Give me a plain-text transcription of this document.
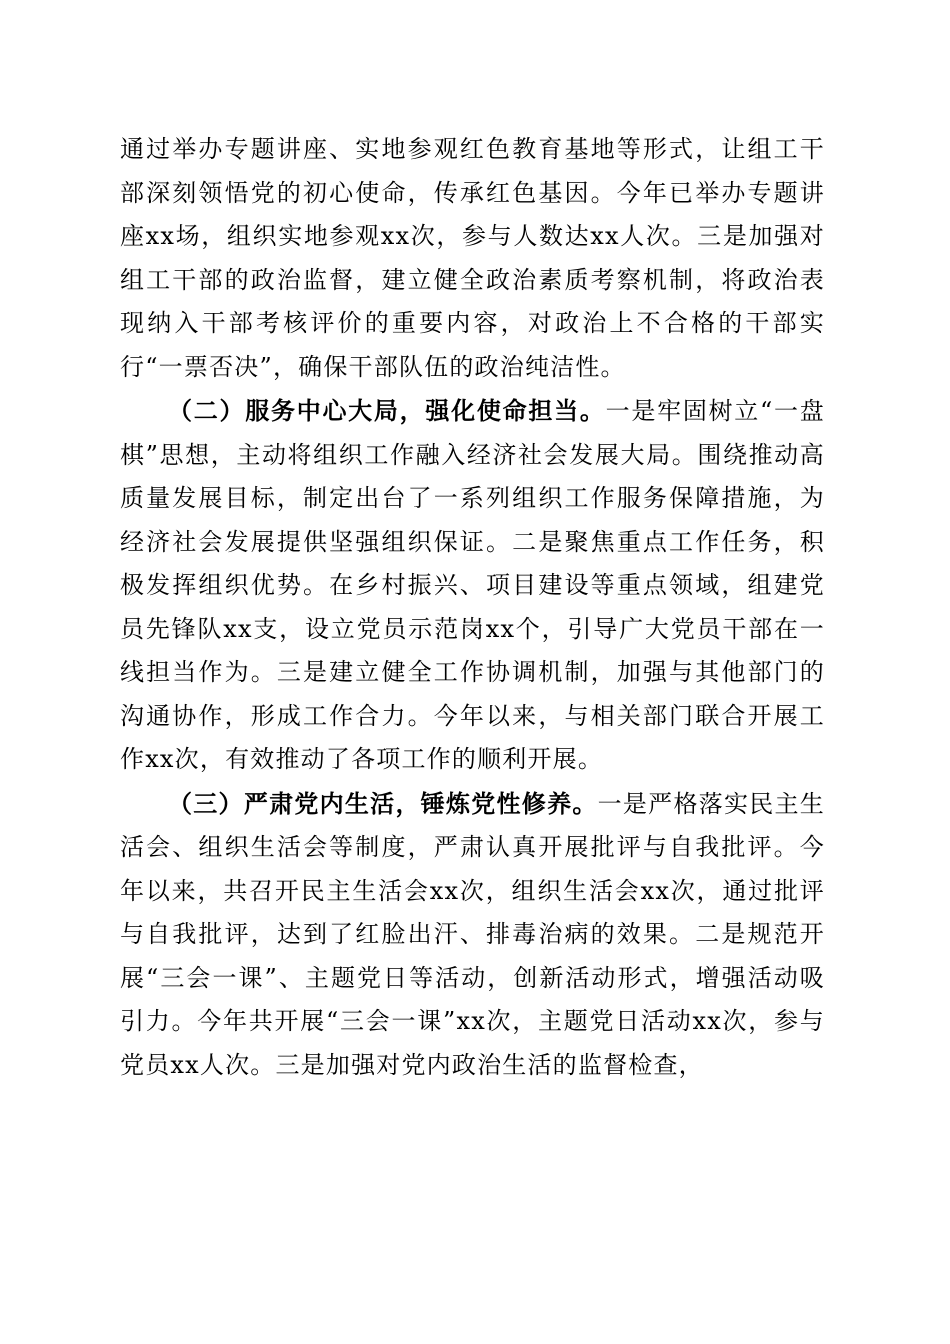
通过举办专题讲座、实地参观红色教育基地等形式，让组工干部深刻领悟党的初心使命，传承红色基因。今年已举办专题讲座xx场，组织实地参观xx次，参与人数达xx人次。三是加强对组工干部的政治监督，建立健全政治素质考察机制，将政治表现纳入干部考核评价的重要内容，对政治上不合格的干部实行“一票否决”，确保干部队伍的政治纯洁性。

（二）服务中心大局，强化使命担当。一是牢固树立“一盘棋”思想，主动将组织工作融入经济社会发展大局。围绕推动高质量发展目标，制定出台了一系列组织工作服务保障措施，为经济社会发展提供坚强组织保证。二是聚焦重点工作任务，积极发挥组织优势。在乡村振兴、项目建设等重点领域，组建党员先锋队xx支，设立党员示范岗xx个，引导广大党员干部在一线担当作为。三是建立健全工作协调机制，加强与其他部门的沟通协作，形成工作合力。今年以来，与相关部门联合开展工作xx次，有效推动了各项工作的顺利开展。

（三）严肃党内生活，锤炼党性修养。一是严格落实民主生活会、组织生活会等制度，严肃认真开展批评与自我批评。今年以来，共召开民主生活会xx次，组织生活会xx次，通过批评与自我批评，达到了红脸出汗、排毒治病的效果。二是规范开展“三会一课”、主题党日等活动，创新活动形式，增强活动吸引力。今年共开展“三会一课”xx次，主题党日活动xx次，参与党员xx人次。三是加强对党内政治生活的监督检查，
